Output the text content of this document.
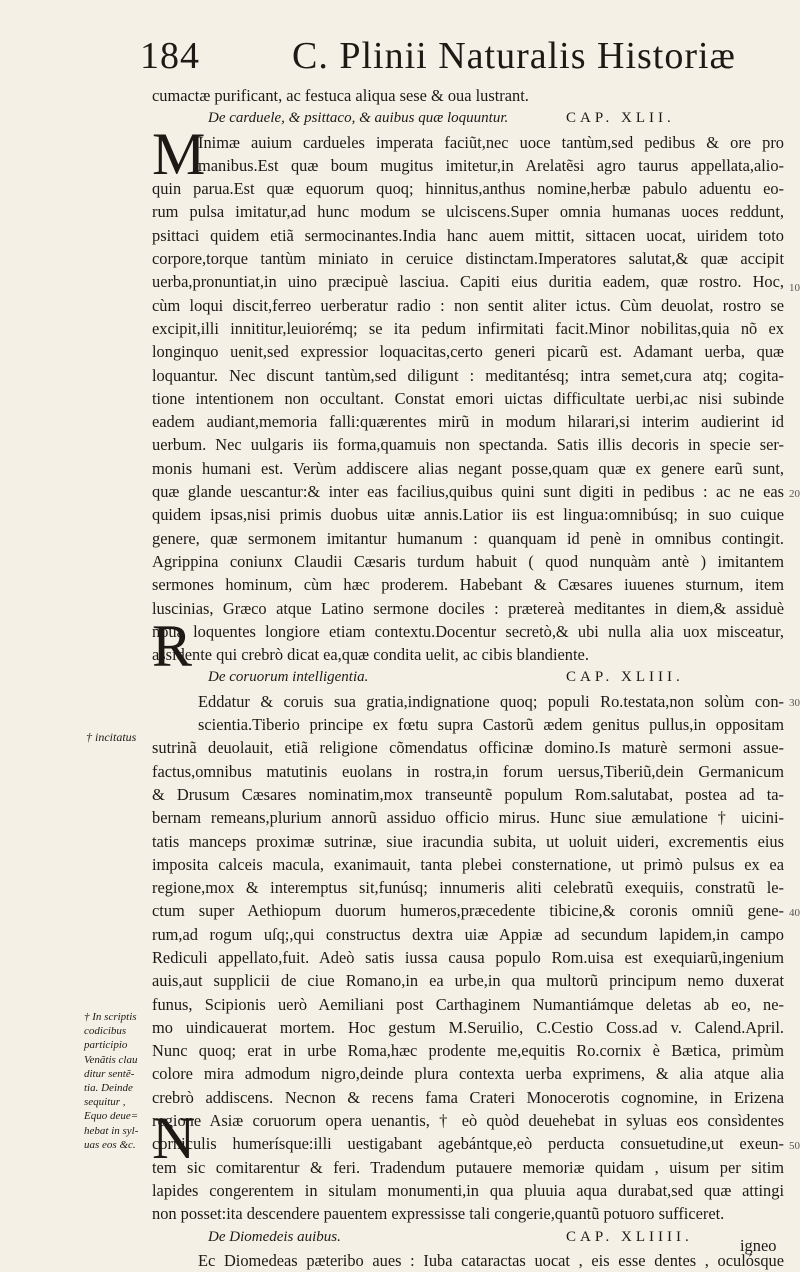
184 C. Plinii Naturalis Historiæ
cumactæ purificant, ac festuca aliqua sese & oua lustrant.
De carduele, & psittaco, & auibus quæ loquuntur.	CAP. XLII.
Inimæ auium cardueles imperata faciũt,nec uoce tantùm,sed pedibus & ore pro
manibus.Est quæ boum mugitus imitetur,in Arelatẽsi agro taurus appellata,alio-
quin parua.Est quæ equorum quoq; hinnitus,anthus nomine,herbæ pabulo aduentu eo-
rum pulsa imitatur,ad hunc modum se ulciscens.Super omnia humanas uoces reddunt,
psittaci quidem etiã sermocinantes.India hanc auem mittit, sittacen uocat, uiridem toto
corpore,torque tantùm miniato in ceruice distinctam.Imperatores salutat,& quæ accipit
uerba,pronuntiat,in uino præcipuè lasciua. Capiti eius duritia eadem, quæ rostro. Hoc,
cùm loqui discit,ferreo uerberatur radio : non sentit aliter ictus. Cùm deuolat, rostro se
excipit,illi innititur,leuiorémq; se ita pedum infirmitati facit.Minor nobilitas,quia nõ ex
longinquo uenit,sed expressior loquacitas,certo generi picarũ est. Adamant uerba, quæ
loquantur. Nec discunt tantùm,sed diligunt : meditantésq; intra semet,cura atq; cogita-
tione intentionem non occultant. Constat emori uictas difficultate uerbi,ac nisi subinde
eadem audiant,memoria falli:quærentes mirũ in modum hilarari,si interim audierint id
uerbum. Nec uulgaris iis forma,quamuis non spectanda. Satis illis decoris in specie ser-
monis humani est. Verùm addiscere alias negant posse,quam quæ ex genere earũ sunt,
quæ glande uescantur:& inter eas facilius,quibus quini sunt digiti in pedibus : ac ne eas
quidem ipsas,nisi primis duobus uitæ annis.Latior iis est lingua:omnibúsq; in suo cuique
genere, quæ sermonem imitantur humanum : quanquam id penè in omnibus contingit.
Agrippina coniunx Claudii Cæsaris turdum habuit ( quod nunquàm antè ) imitantem
sermones hominum, cùm hæc proderem. Habebant & Cæsares iuuenes sturnum, item
luscinias, Græco atque Latino sermone dociles : prætereà meditantes in diem,& assiduè
noua loquentes longiore etiam contextu.Docentur secretò,& ubi nulla alia uox misceatur,
assidente qui crebrò dicat ea,quæ condita uelit, ac cibis blandiente.
De coruorum intelligentia.	CAP. XLIII.
Eddatur & coruis sua gratia,indignatione quoq; populi Ro.testata,non solùm con-
scientia.Tiberio principe ex fœtu supra Castorũ ædem genitus pullus,in oppositam
sutrinã deuolauit, etiã religione cõmendatus officinæ domino.Is maturè sermoni assue-
factus,omnibus matutinis euolans in rostra,in forum uersus,Tiberiũ,dein Germanicum
& Drusum Cæsares nominatim,mox transeuntẽ populum Rom.salutabat, postea ad ta-
bernam remeans,plurium annorũ assiduo officio mirus. Hunc siue æmulatione † uicini-
tatis manceps proximæ sutrinæ, siue iracundia subita, ut uoluit uideri, excrementis eius
imposita calceis macula, exanimauit, tanta plebei consternatione, ut primò pulsus ex ea
regione,mox & interemptus sit,funúsq; innumeris aliti celebratũ exequiis, constratũ le-
ctum super Aethiopum duorum humeros,præcedente tibicine,& coronis omniũ gene-
rum,ad rogum uſq;,qui constructus dextra uiæ Appiæ ad secundum lapidem,in campo
Rediculi appellato,fuit. Adeò satis iussa causa populo Rom.uisa est exequiarũ,ingenium
auis,aut supplicii de ciue Romano,in ea urbe,in qua multorũ principum nemo duxerat
funus, Scipionis uerò Aemiliani post Carthaginem Numantiámque deletas ab eo, ne-
mo uindicauerat mortem. Hoc gestum M.Seruilio, C.Cestio Coss.ad v. Calend.April.
Nunc quoq; erat in urbe Roma,hæc prodente me,equitis Ro.cornix è Bætica, primùm
colore mira admodum nigro,deinde plura contexta uerba exprimens, & alia atque alia
crebrò addiscens. Necnon & recens fama Crateri Monocerotis cognomine, in Erizena
regione Asiæ coruorum opera uenantis, † eò quòd deuehebat in syluas eos consìdentes
corniculis humerísque:illi uestigabant agebántque,eò perducta consuetudine,ut exeun-
tem sic comitarentur & feri. Tradendum putauere memoriæ quidam , uisum per sitim
lapides congerentem in situlam monumenti,in qua pluuia aqua durabat,sed quæ attingi
non posset:ita descendere pauentem expressisse tali congerie,quantũ potuoro sufficeret.
De Diomedeis auibus.	CAP. XLIIII.
Ec Diomedeas pæteribo aues : Iuba cataractas uocat , eis esse dentes , oculósque
M
R
N
igneo
10
20
30
40
50
† incitatus
† In scriptis
codicibus
participio
Venãtis clau
ditur sentẽ-
tia. Deinde
sequitur ,
Equo deue=
hebat in syl-
uas eos &c.
